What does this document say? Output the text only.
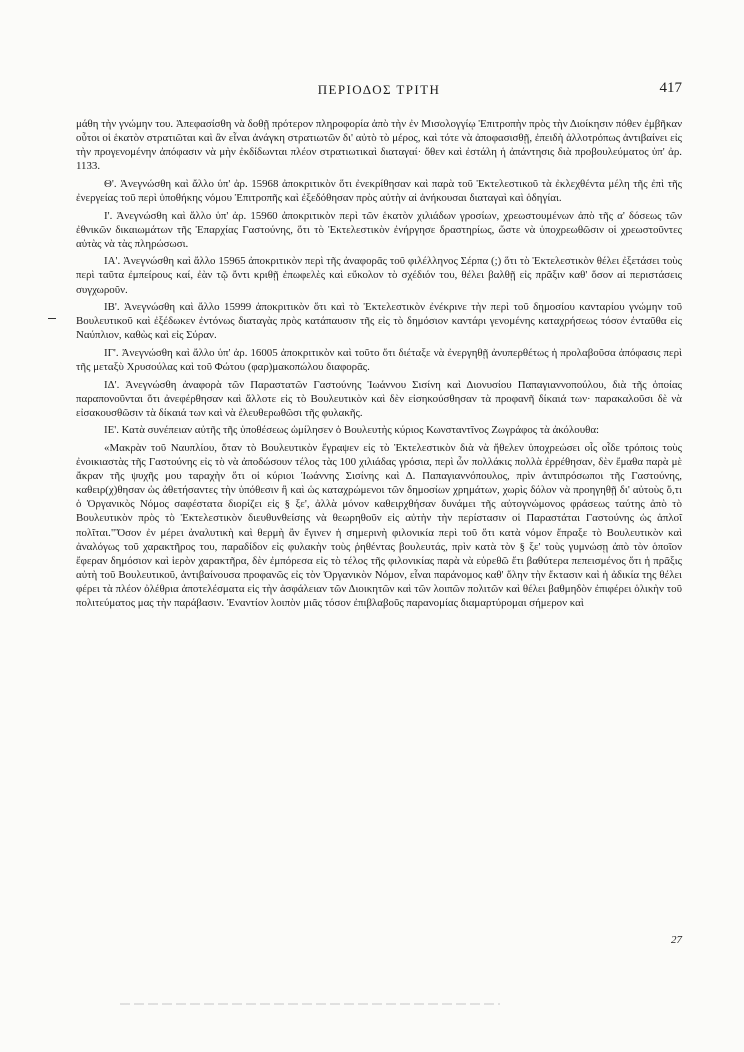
ΠΕΡΙΟΔΟΣ ΤΡΙΤΗ	417

μάθη τὴν γνώμην του. Ἀπεφασίσθη νὰ δοθῇ πρότερον πληροφορία ἀπὸ τὴν ἐν Μισολογγίῳ Ἐπιτροπὴν πρὸς τὴν Διοίκησιν πόθεν ἐμβῆκαν οὗτοι οἱ ἑκατὸν στρατιῶται καὶ ἂν εἶναι ἀνάγκη στρατιωτῶν δι' αὐτὸ τὸ μέρος, καὶ τότε νὰ ἀποφασισθῇ, ἐπειδὴ ἀλλοτρόπως ἀντιβαίνει εἰς τὴν προγενομένην ἀπόφασιν νὰ μὴν ἐκδίδωνται πλέον στρατιωτικαὶ διαταγαί· ὅθεν καὶ ἐστάλη ἡ ἀπάντησις διὰ προβουλεύματος ὑπ' ἀρ. 1133.

Θ'. Ἀνεγνώσθη καὶ ἄλλο ὑπ' ἀρ. 15968 ἀποκριτικὸν ὅτι ἐνεκρίθησαν καὶ παρὰ τοῦ Ἐκτελεστικοῦ τὰ ἐκλεχθέντα μέλη τῆς ἐπὶ τῆς ἐνεργείας τοῦ περὶ ὑποθήκης νόμου Ἐπιτροπῆς καὶ ἐξεδόθησαν πρὸς αὐτὴν αἱ ἀνήκουσαι διαταγαὶ καὶ ὁδηγίαι.

Ι'. Ἀνεγνώσθη καὶ ἄλλο ὑπ' ἀρ. 15960 ἀποκριτικὸν περὶ τῶν ἑκατὸν χιλιάδων γροσίων, χρεωστουμένων ἀπὸ τῆς α' δόσεως τῶν ἐθνικῶν δικαιωμάτων τῆς Ἐπαρχίας Γαστούνης, ὅτι τὸ Ἐκτελεστικὸν ἐνήργησε δραστηρίως, ὥστε νὰ ὑποχρεωθῶσιν οἱ χρεωστοῦντες αὐτὰς νὰ τὰς πληρώσωσι.

ΙΑ'. Ἀνεγνώσθη καὶ ἄλλο 15965 ἀποκριτικὸν περὶ τῆς ἀναφορᾶς τοῦ φιλέλληνος Σέρπα (;) ὅτι τὸ Ἐκτελεστικὸν θέλει ἐξετάσει τοὺς περὶ ταῦτα ἐμπείρους καί, ἐὰν τῷ ὄντι κριθῇ ἐπωφελὲς καὶ εὔκολον τὸ σχέδιόν του, θέλει βαλθῇ εἰς πρᾶξιν καθ' ὅσον αἱ περιστάσεις συγχωροῦν.

ΙΒ'. Ἀνεγνώσθη καὶ ἄλλο 15999 ἀποκριτικὸν ὅτι καὶ τὸ Ἐκτελεστικὸν ἐνέκρινε τὴν περὶ τοῦ δημοσίου κανταρίου γνώμην τοῦ Βουλευτικοῦ καὶ ἐξέδωκεν ἐντόνως διαταγὰς πρὸς κατάπαυσιν τῆς εἰς τὸ δημόσιον καντάρι γενομένης καταχρήσεως τόσον ἐνταῦθα εἰς Ναύπλιον, καθὼς καὶ εἰς Σύραν.

ΙΓ'. Ἀνεγνώσθη καὶ ἄλλο ὑπ' ἀρ. 16005 ἀποκριτικὸν καὶ τοῦτο ὅτι διέταξε νὰ ἐνεργηθῇ ἀνυπερθέτως ἡ προλαβοῦσα ἀπόφασις περὶ τῆς μεταξὺ Χρυσούλας καὶ τοῦ Φώτου (φαρ)μακοπώλου διαφορᾶς.

ΙΔ'. Ἀνεγνώσθη ἀναφορὰ τῶν Παραστατῶν Γαστούνης Ἰωάννου Σισίνη καὶ Διονυσίου Παπαγιαννοπούλου, διὰ τῆς ὁποίας παραπονοῦνται ὅτι ἀνεφέρθησαν καὶ ἄλλοτε εἰς τὸ Βουλευτικὸν καὶ δὲν εἰσηκούσθησαν τὰ προφανῆ δίκαιά των· παρακαλοῦσι δὲ νὰ εἰσακουσθῶσιν τὰ δίκαιά των καὶ νὰ ἐλευθερωθῶσι τῆς φυλακῆς.

ΙΕ'. Κατὰ συνέπειαν αὐτῆς τῆς ὑποθέσεως ὡμίλησεν ὁ Βουλευτὴς κύριος Κωνσταντῖνος Ζωγράφος τὰ ἀκόλουθα:

«Μακρὰν τοῦ Ναυπλίου, ὅταν τὸ Βουλευτικὸν ἔγραψεν εἰς τὸ Ἐκτελεστικὸν διὰ νὰ ἤθελεν ὑποχρεώσει οἷς οἶδε τρόποις τοὺς ἐνοικιαστὰς τῆς Γαστούνης εἰς τὸ νὰ ἀποδώσουν τέλος τὰς 100 χιλιάδας γρόσια, περὶ ὧν πολλάκις πολλὰ ἐρρέθησαν, δὲν ἔμαθα παρὰ μὲ ἄκραν τῆς ψυχῆς μου ταραχὴν ὅτι οἱ κύριοι Ἰωάννης Σισίνης καὶ Δ. Παπαγιαννόπουλος, πρὶν ἀντιπρόσωποι τῆς Γαστούνης, καθειρ(χ)θησαν ὡς ἀθετήσαντες τὴν ὑπόθεσιν ἢ καὶ ὡς καταχρώμενοι τῶν δημοσίων χρημάτων, χωρὶς δόλον νὰ προηγηθῇ δι' αὐτοὺς ὅ,τι ὁ Ὀργανικὸς Νόμος σαφέστατα διορίζει εἰς § ξε', ἀλλὰ μόνον καθειρχθήσαν δυνάμει τῆς αὐτογνώμονος φράσεως ταύτης ἀπὸ τὸ Βουλευτικὸν πρὸς τὸ Ἐκτελεστικὸν διευθυνθείσης νὰ θεωρηθοῦν εἰς αὐτὴν τὴν περίστασιν οἱ Παραστάται Γαστούνης ὡς ἁπλοῖ πολῖται."Ὅσον ἐν μέρει ἀναλυτικὴ καὶ θερμὴ ἂν ἔγινεν ἡ σημερινὴ φιλονικία περὶ τοῦ ὅτι κατὰ νόμον ἔπραξε τὸ Βουλευτικὸν καὶ ἀναλόγως τοῦ χαρακτῆρος του, παραδίδον εἰς φυλακὴν τοὺς ῥηθέντας βουλευτάς, πρὶν κατὰ τὸν § ξε' τοὺς γυμνώσῃ ἀπὸ τὸν ὁποῖον ἔφεραν δημόσιον καὶ ἱερὸν χαρακτῆρα, δὲν ἐμπόρεσα εἰς τὸ τέλος τῆς φιλονικίας παρὰ νὰ εὑρεθῶ ἔτι βαθύτερα πεπεισμένος ὅτι ἡ πρᾶξις αὐτὴ τοῦ Βουλευτικοῦ, ἀντιβαίνουσα προφανῶς εἰς τὸν Ὀργανικὸν Νόμον, εἶναι παράνομος καθ' ὅλην τὴν ἔκτασιν καὶ ἡ ἀδικία της θέλει φέρει τὰ πλέον ὀλέθρια ἀποτελέσματα εἰς τὴν ἀσφάλειαν τῶν Διοικητῶν καὶ τῶν λοιπῶν πολιτῶν καὶ θέλει βαθμηδὸν ἐπιφέρει ὁλικὴν τοῦ πολιτεύματος μας τὴν παράβασιν. Ἐναντίον λοιπὸν μιᾶς τόσον ἐπιβλαβοῦς παρανομίας διαμαρτύρομαι σήμερον καὶ

27
